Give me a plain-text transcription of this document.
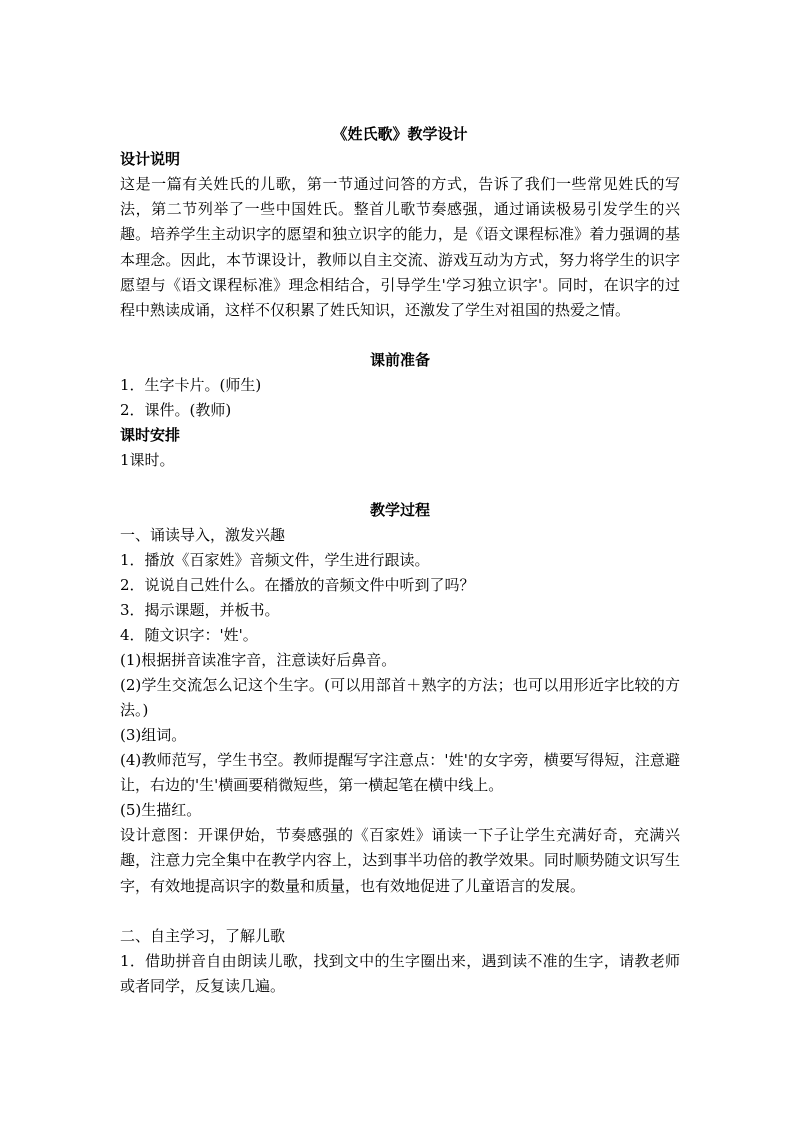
《姓氏歌》教学设计
设计说明

这是一篇有关姓氏的儿歌，第一节通过问答的方式，告诉了我们一些常见姓氏的写法，第二节列举了一些中国姓氏。整首儿歌节奏感强，通过诵读极易引发学生的兴趣。培养学生主动识字的愿望和独立识字的能力，是《语文课程标准》着力强调的基本理念。因此，本节课设计，教师以自主交流、游戏互动为方式，努力将学生的识字愿望与《语文课程标准》理念相结合，引导学生'学习独立识字'。同时，在识字的过程中熟读成诵，这样不仅积累了姓氏知识，还激发了学生对祖国的热爱之情。

课前准备
1．生字卡片。(师生)
2．课件。(教师)
课时安排
1课时。
教学过程
一、诵读导入，激发兴趣
1．播放《百家姓》音频文件，学生进行跟读。
2．说说自己姓什么。在播放的音频文件中听到了吗？
3．揭示课题，并板书。
4．随文识字：'姓'。
(1)根据拼音读准字音，注意读好后鼻音。
(2)学生交流怎么记这个生字。(可以用部首＋熟字的方法；也可以用形近字比较的方法。)
(3)组词。
(4)教师范写，学生书空。教师提醒写字注意点：'姓'的女字旁，横要写得短，注意避让，右边的'生'横画要稍微短些，第一横起笔在横中线上。
(5)生描红。

设计意图：开课伊始，节奏感强的《百家姓》诵读一下子让学生充满好奇，充满兴趣，注意力完全集中在教学内容上，达到事半功倍的教学效果。同时顺势随文识写生字，有效地提高识字的数量和质量，也有效地促进了儿童语言的发展。

二、自主学习，了解儿歌
1．借助拼音自由朗读儿歌，找到文中的生字圈出来，遇到读不准的生字，请教老师或者同学，反复读几遍。
